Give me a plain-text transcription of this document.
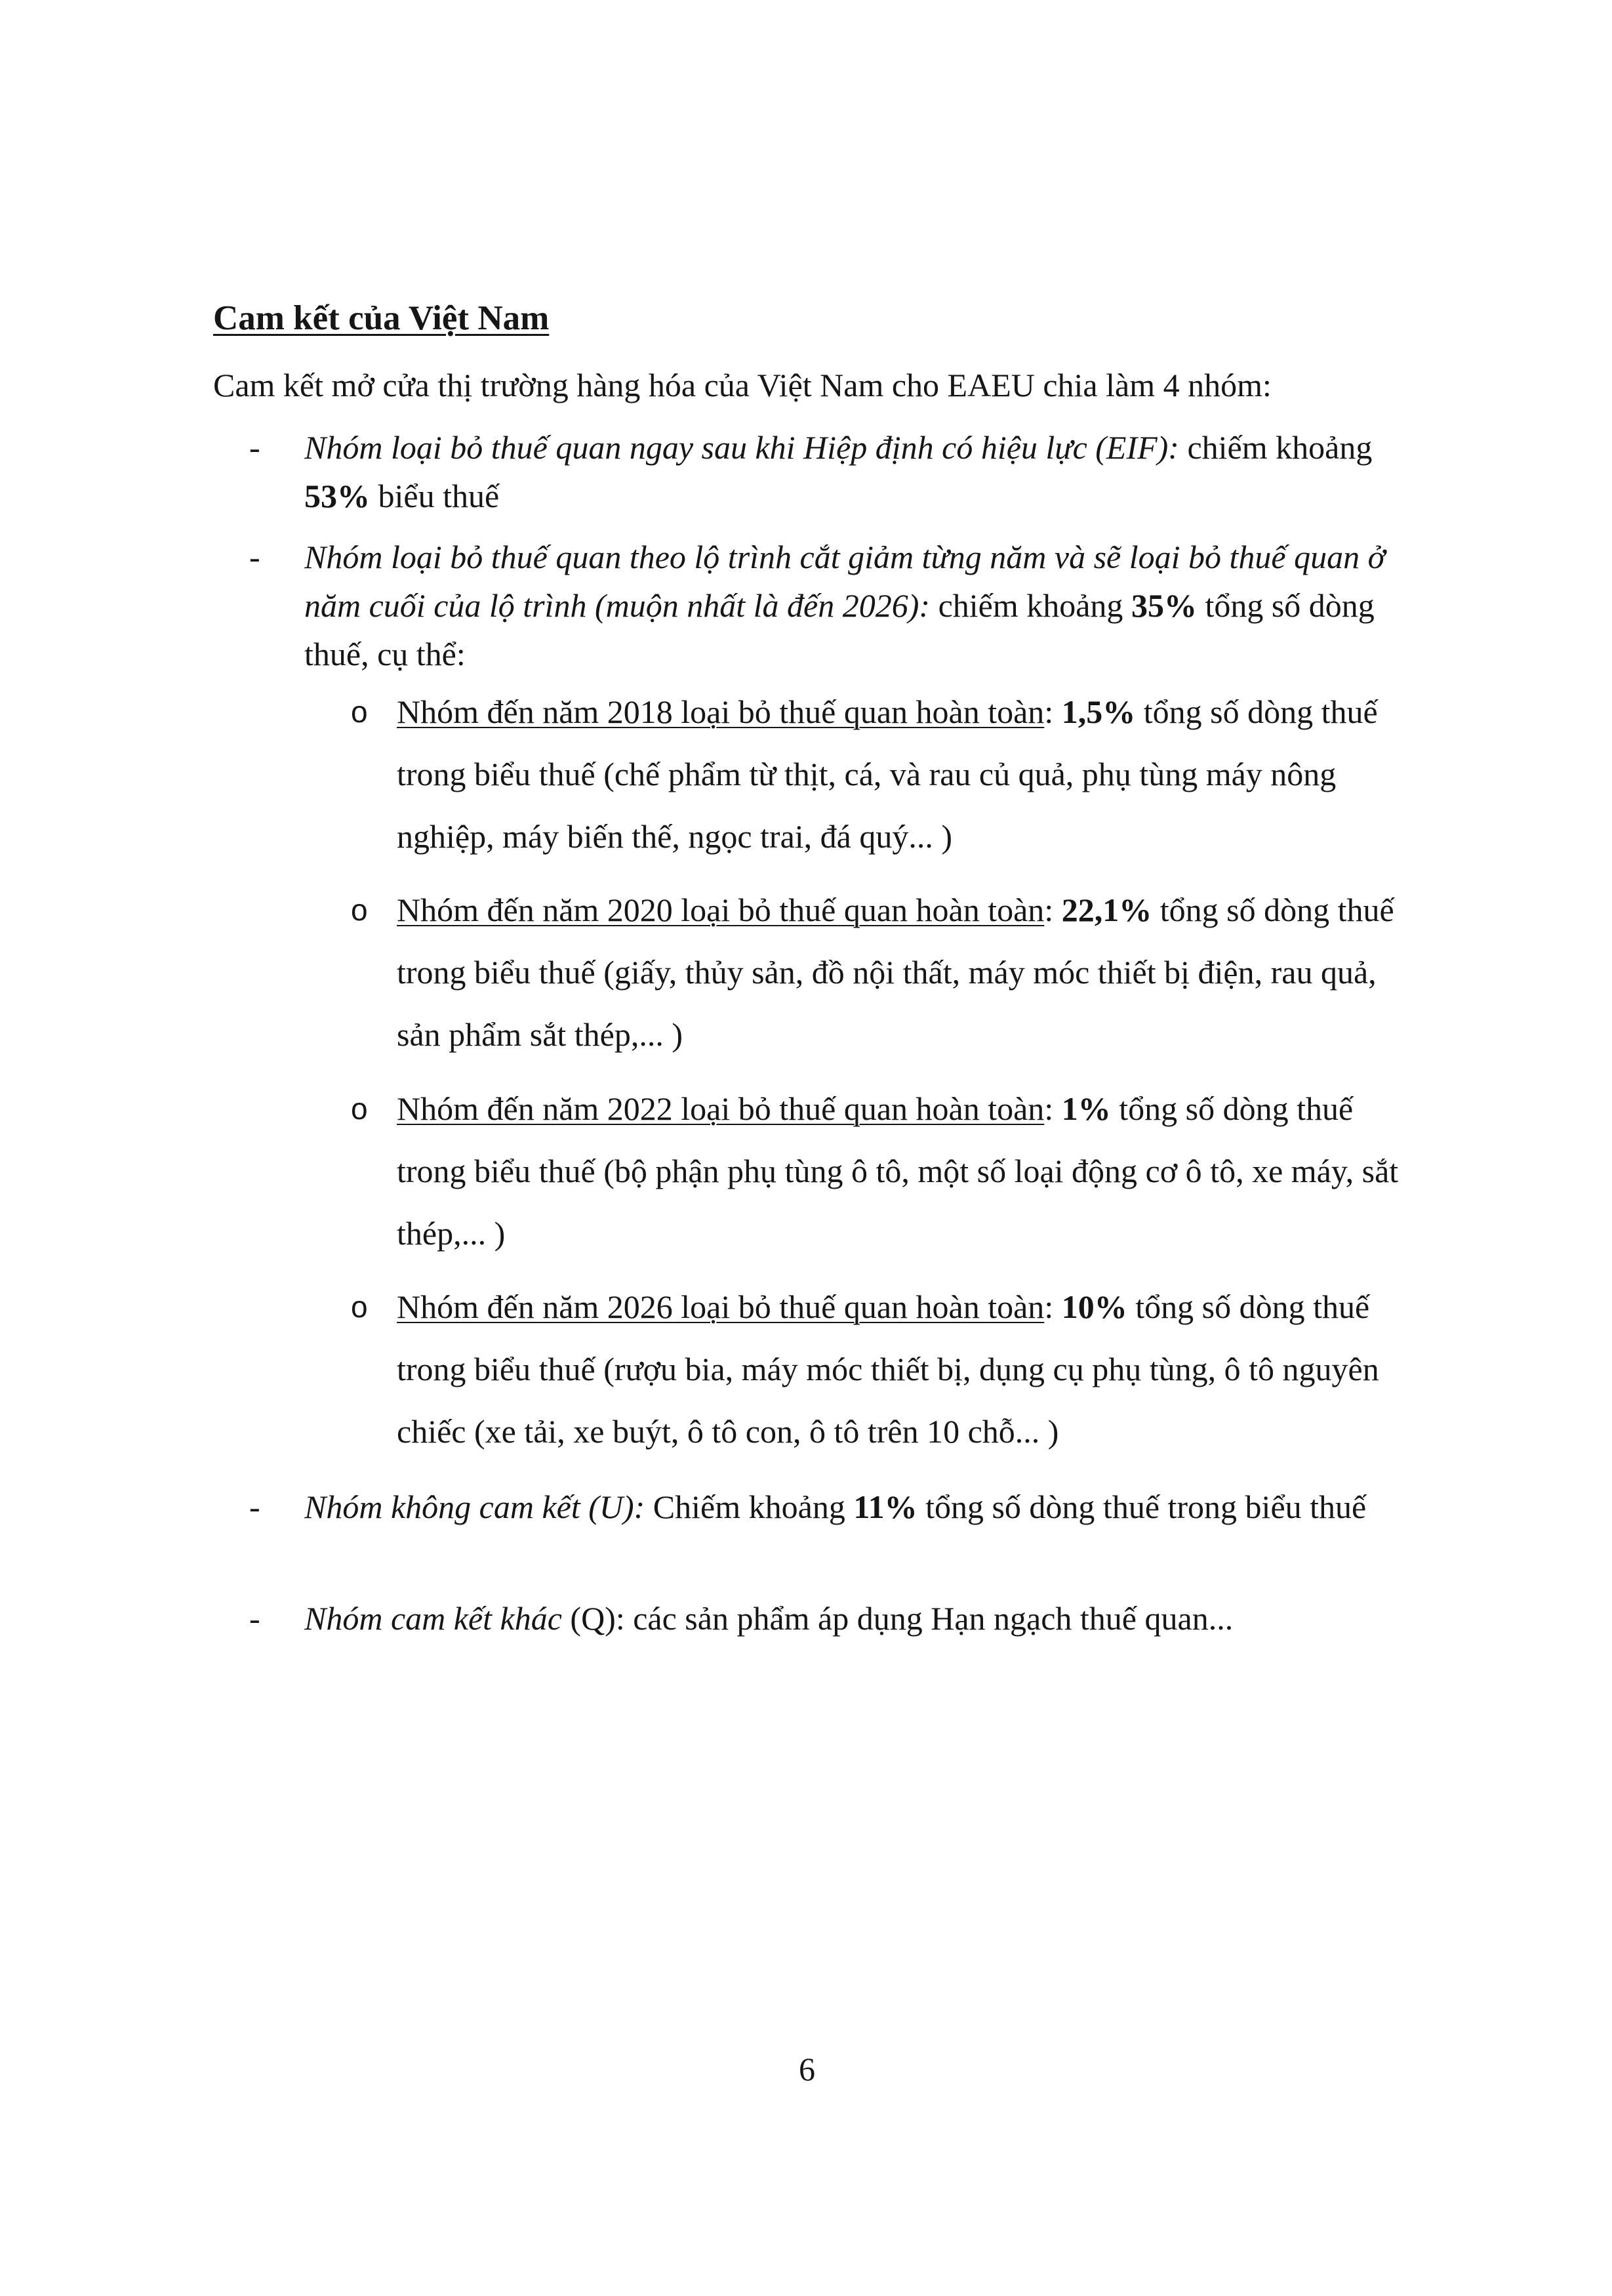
Cam kết của Việt Nam
Cam kết mở cửa thị trường hàng hóa của Việt Nam cho EAEU chia làm 4 nhóm:
-	Nhóm loại bỏ thuế quan ngay sau khi Hiệp định có hiệu lực (EIF): chiếm khoảng 53% biểu thuế
-	Nhóm loại bỏ thuế quan theo lộ trình cắt giảm từng năm và sẽ loại bỏ thuế quan ở năm cuối của lộ trình (muộn nhất là đến 2026): chiếm khoảng 35% tổng số dòng thuế, cụ thể:
o Nhóm đến năm 2018 loại bỏ thuế quan hoàn toàn: 1,5% tổng số dòng thuế trong biểu thuế (chế phẩm từ thịt, cá, và rau củ quả, phụ tùng máy nông nghiệp, máy biến thế, ngọc trai, đá quý... )
o Nhóm đến năm 2020 loại bỏ thuế quan hoàn toàn: 22,1% tổng số dòng thuế trong biểu thuế (giấy, thủy sản, đồ nội thất, máy móc thiết bị điện, rau quả, sản phẩm sắt thép,... )
o Nhóm đến năm 2022 loại bỏ thuế quan hoàn toàn: 1% tổng số dòng thuế trong biểu thuế (bộ phận phụ tùng ô tô, một số loại động cơ ô tô, xe máy, sắt thép,... )
o Nhóm đến năm 2026 loại bỏ thuế quan hoàn toàn: 10% tổng số dòng thuế trong biểu thuế (rượu bia, máy móc thiết bị, dụng cụ phụ tùng, ô tô nguyên chiếc (xe tải, xe buýt, ô tô con, ô tô trên 10 chỗ... )
-	Nhóm không cam kết (U): Chiếm khoảng 11% tổng số dòng thuế trong biểu thuế
-	Nhóm cam kết khác (Q): các sản phẩm áp dụng Hạn ngạch thuế quan...
6
